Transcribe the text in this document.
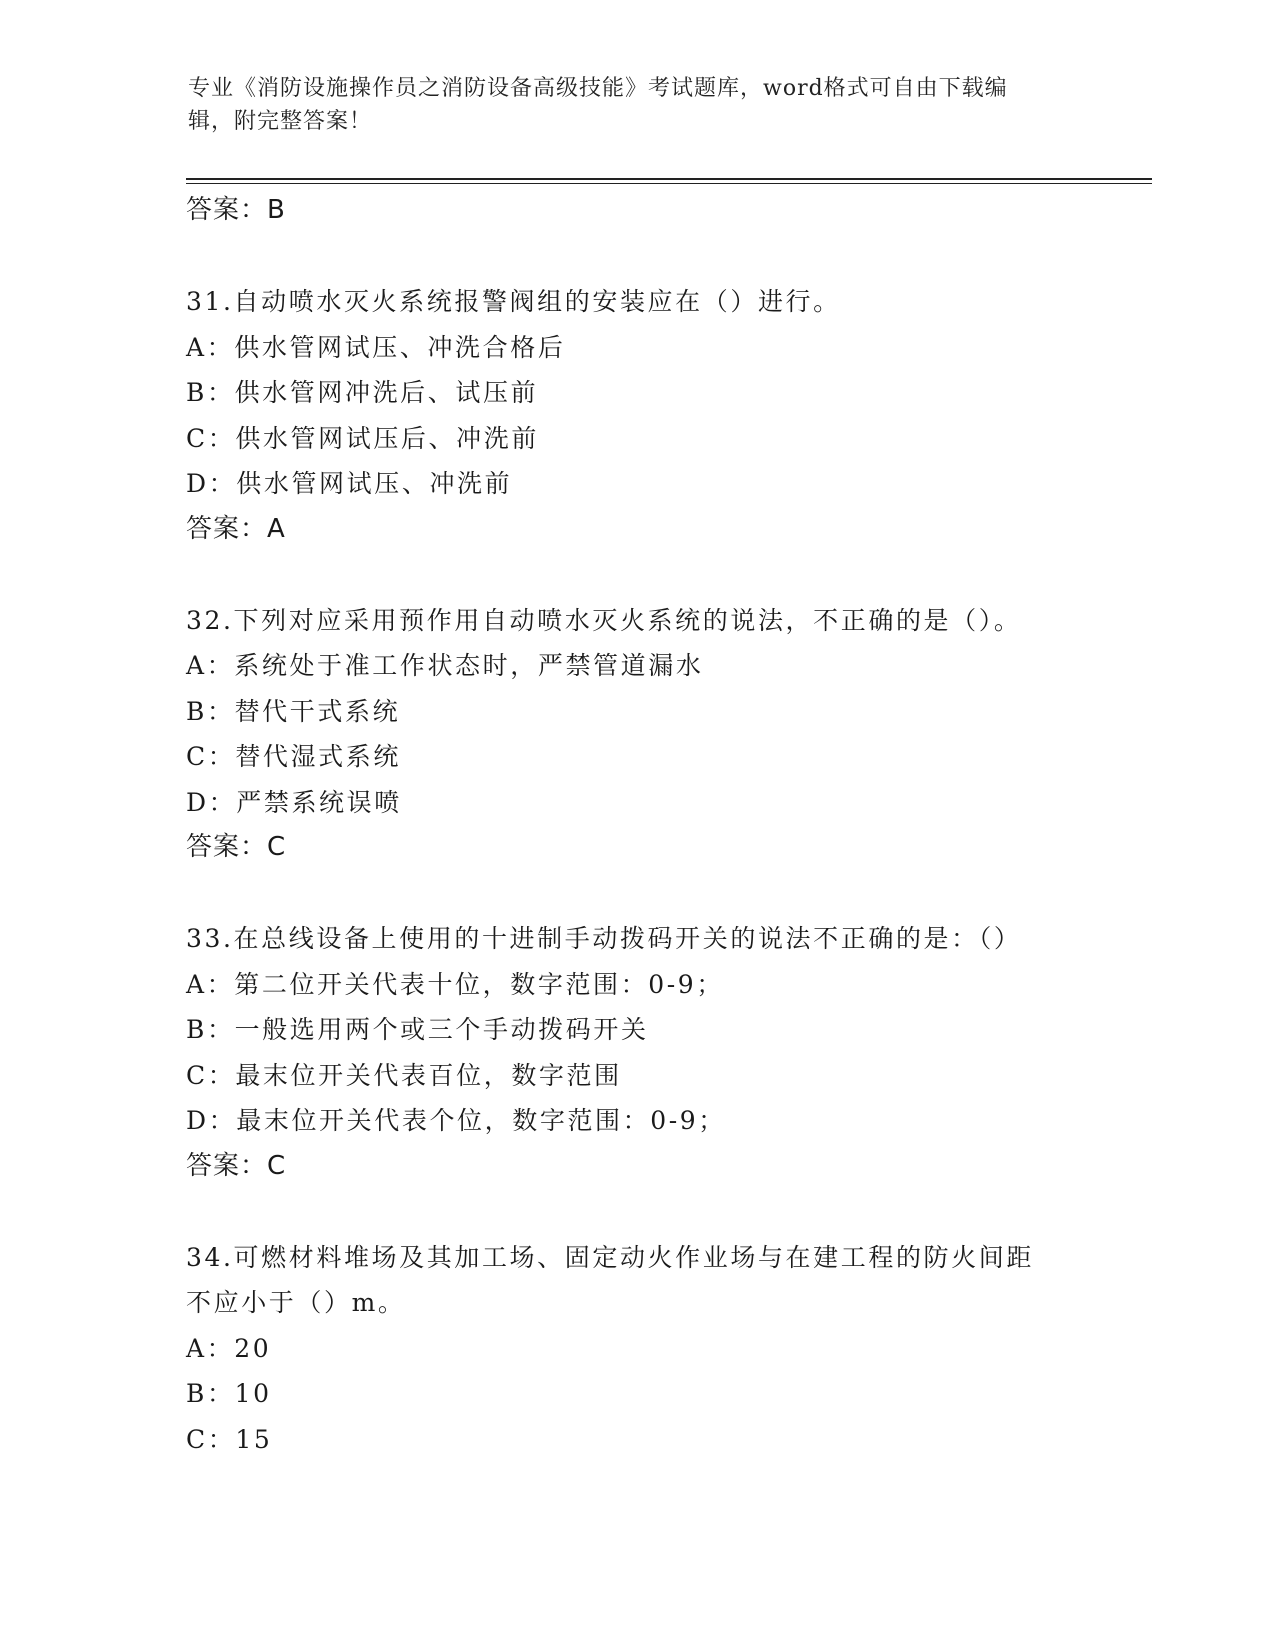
专业《消防设施操作员之消防设备高级技能》考试题库，word格式可自由下载编
辑，附完整答案！
答案：B
31.自动喷水灭火系统报警阀组的安装应在（）进行。
A：供水管网试压、冲洗合格后
B：供水管网冲洗后、试压前
C：供水管网试压后、冲洗前
D：供水管网试压、冲洗前
答案：A
32.下列对应采用预作用自动喷水灭火系统的说法，不正确的是（）。
A：系统处于准工作状态时，严禁管道漏水
B：替代干式系统
C：替代湿式系统
D：严禁系统误喷
答案：C
33.在总线设备上使用的十进制手动拨码开关的说法不正确的是：（）
A：第二位开关代表十位，数字范围：0-9；
B：一般选用两个或三个手动拨码开关
C：最末位开关代表百位，数字范围
D：最末位开关代表个位，数字范围：0-9；
答案：C
34.可燃材料堆场及其加工场、固定动火作业场与在建工程的防火间距
不应小于（）m。
A：20
B：10
C：15
